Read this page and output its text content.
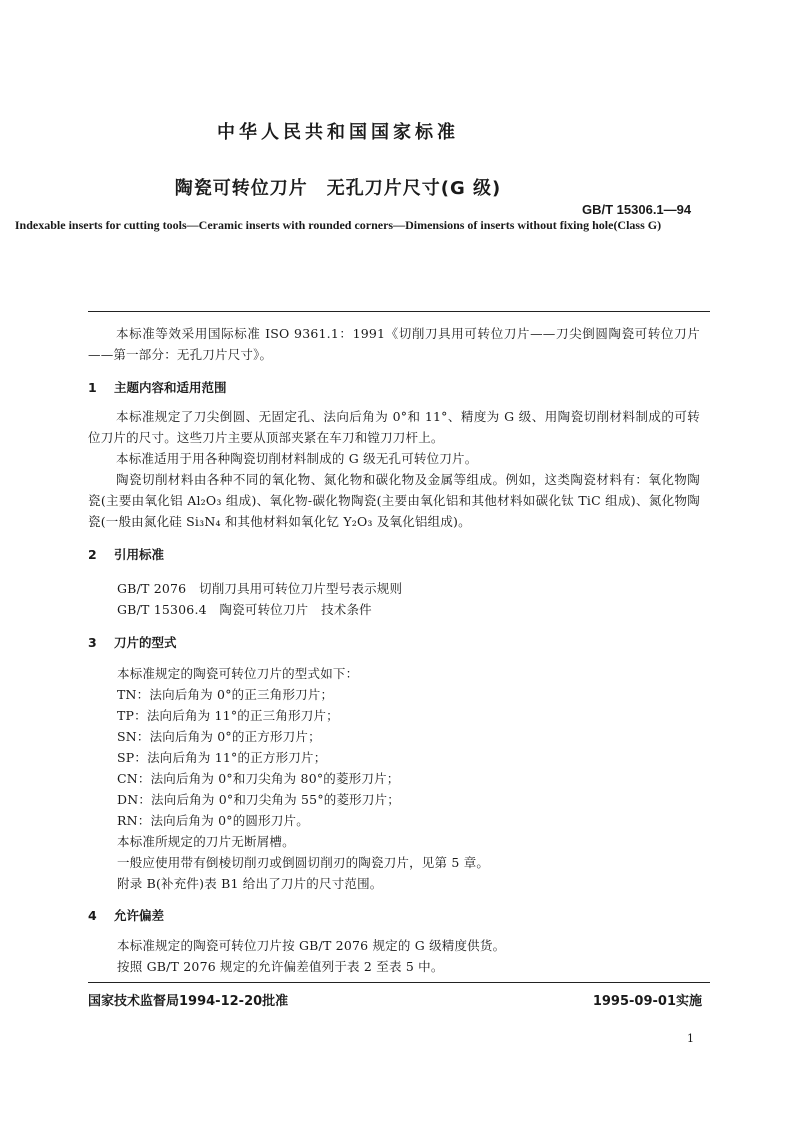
中华人民共和国国家标准
陶瓷可转位刀片　无孔刀片尺寸(G 级)
GB/T 15306.1—94
Indexable inserts for cutting tools—Ceramic inserts with rounded corners—Dimensions of inserts without fixing hole(Class G)
本标准等效采用国际标准 ISO 9361.1：1991《切削刀具用可转位刀片——刀尖倒圆陶瓷可转位刀片——第一部分：无孔刀片尺寸》。
1 主题内容和适用范围
本标准规定了刀尖倒圆、无固定孔、法向后角为 0°和 11°、精度为 G 级、用陶瓷切削材料制成的可转位刀片的尺寸。这些刀片主要从顶部夹紧在车刀和镗刀刀杆上。
本标准适用于用各种陶瓷切削材料制成的 G 级无孔可转位刀片。
陶瓷切削材料由各种不同的氧化物、氮化物和碳化物及金属等组成。例如，这类陶瓷材料有：氧化物陶瓷(主要由氧化铝 Al₂O₃ 组成)、氧化物-碳化物陶瓷(主要由氧化铝和其他材料如碳化钛 TiC 组成)、氮化物陶瓷(一般由氮化硅 Si₃N₄ 和其他材料如氧化钇 Y₂O₃ 及氧化铝组成)。
2 引用标准
GB/T 2076　切削刀具用可转位刀片型号表示规则
GB/T 15306.4　陶瓷可转位刀片　技术条件
3 刀片的型式
本标准规定的陶瓷可转位刀片的型式如下：
TN：法向后角为 0°的正三角形刀片；
TP：法向后角为 11°的正三角形刀片；
SN：法向后角为 0°的正方形刀片；
SP：法向后角为 11°的正方形刀片；
CN：法向后角为 0°和刀尖角为 80°的菱形刀片；
DN：法向后角为 0°和刀尖角为 55°的菱形刀片；
RN：法向后角为 0°的圆形刀片。
本标准所规定的刀片无断屑槽。
一般应使用带有倒棱切削刃或倒圆切削刃的陶瓷刀片，见第 5 章。
附录 B(补充件)表 B1 给出了刀片的尺寸范围。
4 允许偏差
本标准规定的陶瓷可转位刀片按 GB/T 2076 规定的 G 级精度供货。
按照 GB/T 2076 规定的允许偏差值列于表 2 至表 5 中。
国家技术监督局1994-12-20批准	1995-09-01实施
1
